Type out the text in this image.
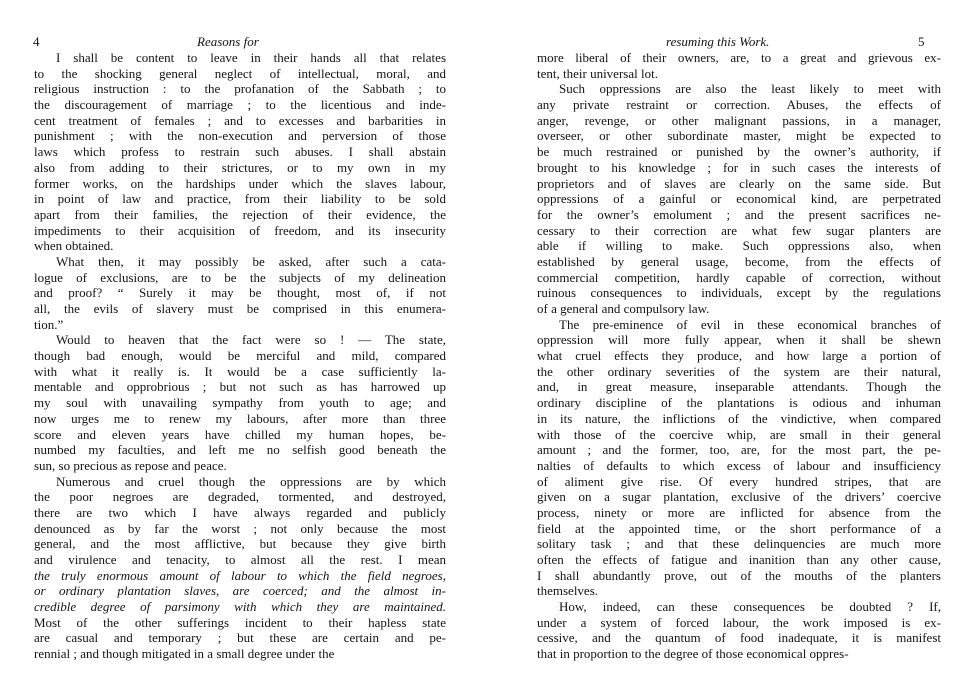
4	Reasons for
I shall be content to leave in their hands all that relates
to the shocking general neglect of intellectual, moral, and
religious instruction : to the profanation of the Sabbath ; to
the discouragement of marriage ; to the licentious and inde-
cent treatment of females ; and to excesses and barbarities in
punishment ; with the non-execution and perversion of those
laws which profess to restrain such abuses. I shall abstain
also from adding to their strictures, or to my own in my
former works, on the hardships under which the slaves labour,
in point of law and practice, from their liability to be sold
apart from their families, the rejection of their evidence, the
impediments to their acquisition of freedom, and its insecurity
when obtained.
What then, it may possibly be asked, after such a cata-
logue of exclusions, are to be the subjects of my delineation
and proof? “ Surely it may be thought, most of, if not
all, the evils of slavery must be comprised in this enumera-
tion.”
Would to heaven that the fact were so ! — The state,
though bad enough, would be merciful and mild, compared
with what it really is. It would be a case sufficiently la-
mentable and opprobrious ; but not such as has harrowed up
my soul with unavailing sympathy from youth to age; and
now urges me to renew my labours, after more than three
score and eleven years have chilled my human hopes, be-
numbed my faculties, and left me no selfish good beneath the
sun, so precious as repose and peace.
Numerous and cruel though the oppressions are by which
the poor negroes are degraded, tormented, and destroyed,
there are two which I have always regarded and publicly
denounced as by far the worst ; not only because the most
general, and the most afflictive, but because they give birth
and virulence and tenacity, to almost all the rest. I mean
the truly enormous amount of labour to which the field negroes,
or ordinary plantation slaves, are coerced; and the almost in-
credible degree of parsimony with which they are maintained.
Most of the other sufferings incident to their hapless state
are casual and temporary ; but these are certain and pe-
rennial ; and though mitigated in a small degree under the
resuming this Work.	5
more liberal of their owners, are, to a great and grievous ex-
tent, their universal lot.
Such oppressions are also the least likely to meet with
any private restraint or correction. Abuses, the effects of
anger, revenge, or other malignant passions, in a manager,
overseer, or other subordinate master, might be expected to
be much restrained or punished by the owner’s authority, if
brought to his knowledge ; for in such cases the interests of
proprietors and of slaves are clearly on the same side. But
oppressions of a gainful or economical kind, are perpetrated
for the owner’s emolument ; and the present sacrifices ne-
cessary to their correction are what few sugar planters are
able if willing to make. Such oppressions also, when
established by general usage, become, from the effects of
commercial competition, hardly capable of correction, without
ruinous consequences to individuals, except by the regulations
of a general and compulsory law.
The pre-eminence of evil in these economical branches of
oppression will more fully appear, when it shall be shewn
what cruel effects they produce, and how large a portion of
the other ordinary severities of the system are their natural,
and, in great measure, inseparable attendants. Though the
ordinary discipline of the plantations is odious and inhuman
in its nature, the inflictions of the vindictive, when compared
with those of the coercive whip, are small in their general
amount ; and the former, too, are, for the most part, the pe-
nalties of defaults to which excess of labour and insufficiency
of aliment give rise. Of every hundred stripes, that are
given on a sugar plantation, exclusive of the drivers’ coercive
process, ninety or more are inflicted for absence from the
field at the appointed time, or the short performance of a
solitary task ; and that these delinquencies are much more
often the effects of fatigue and inanition than any other cause,
I shall abundantly prove, out of the mouths of the planters
themselves.
How, indeed, can these consequences be doubted ? If,
under a system of forced labour, the work imposed is ex-
cessive, and the quantum of food inadequate, it is manifest
that in proportion to the degree of those economical oppres-
